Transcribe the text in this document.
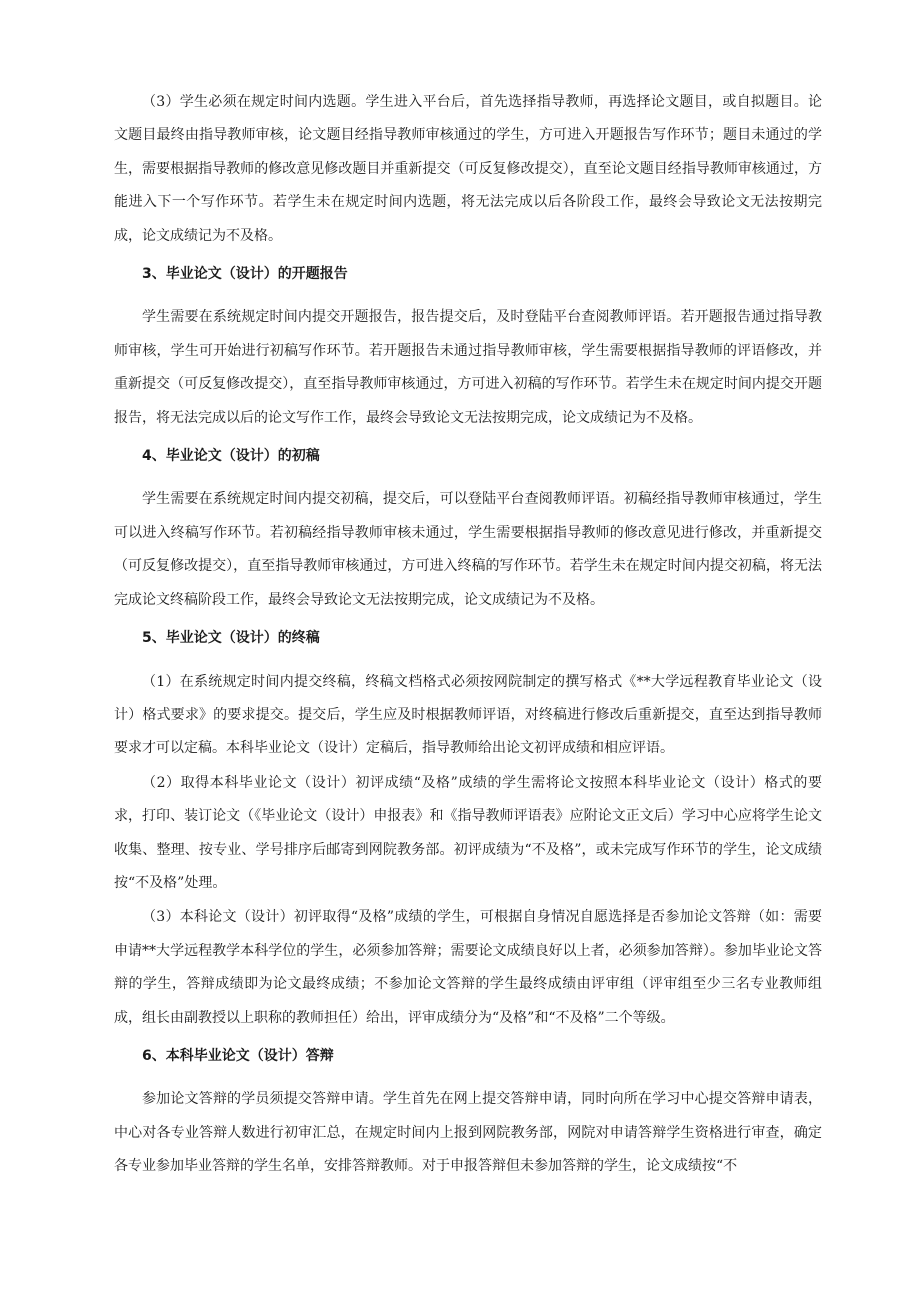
（3）学生必须在规定时间内选题。学生进入平台后，首先选择指导教师，再选择论文题目，或自拟题目。论文题目最终由指导教师审核，论文题目经指导教师审核通过的学生，方可进入开题报告写作环节；题目未通过的学生，需要根据指导教师的修改意见修改题目并重新提交（可反复修改提交），直至论文题目经指导教师审核通过，方能进入下一个写作环节。若学生未在规定时间内选题，将无法完成以后各阶段工作，最终会导致论文无法按期完成，论文成绩记为不及格。

3、毕业论文（设计）的开题报告

学生需要在系统规定时间内提交开题报告，报告提交后，及时登陆平台查阅教师评语。若开题报告通过指导教师审核，学生可开始进行初稿写作环节。若开题报告未通过指导教师审核，学生需要根据指导教师的评语修改，并重新提交（可反复修改提交），直至指导教师审核通过，方可进入初稿的写作环节。若学生未在规定时间内提交开题报告，将无法完成以后的论文写作工作，最终会导致论文无法按期完成，论文成绩记为不及格。

4、毕业论文（设计）的初稿

学生需要在系统规定时间内提交初稿，提交后，可以登陆平台查阅教师评语。初稿经指导教师审核通过，学生可以进入终稿写作环节。若初稿经指导教师审核未通过，学生需要根据指导教师的修改意见进行修改，并重新提交（可反复修改提交），直至指导教师审核通过，方可进入终稿的写作环节。若学生未在规定时间内提交初稿，将无法完成论文终稿阶段工作，最终会导致论文无法按期完成，论文成绩记为不及格。

5、毕业论文（设计）的终稿

（1）在系统规定时间内提交终稿，终稿文档格式必须按网院制定的撰写格式《**大学远程教育毕业论文（设计）格式要求》的要求提交。提交后，学生应及时根据教师评语，对终稿进行修改后重新提交，直至达到指导教师要求才可以定稿。本科毕业论文（设计）定稿后，指导教师给出论文初评成绩和相应评语。

（2）取得本科毕业论文（设计）初评成绩“及格”成绩的学生需将论文按照本科毕业论文（设计）格式的要求，打印、装订论文（《毕业论文（设计）申报表》和《指导教师评语表》应附论文正文后）学习中心应将学生论文收集、整理、按专业、学号排序后邮寄到网院教务部。初评成绩为“不及格”，或未完成写作环节的学生，论文成绩按“不及格”处理。

（3）本科论文（设计）初评取得“及格”成绩的学生，可根据自身情况自愿选择是否参加论文答辩（如：需要申请**大学远程教学本科学位的学生，必须参加答辩；需要论文成绩良好以上者，必须参加答辩）。参加毕业论文答辩的学生，答辩成绩即为论文最终成绩；不参加论文答辩的学生最终成绩由评审组（评审组至少三名专业教师组成，组长由副教授以上职称的教师担任）给出，评审成绩分为“及格”和“不及格”二个等级。

6、本科毕业论文（设计）答辩

参加论文答辩的学员须提交答辩申请。学生首先在网上提交答辩申请，同时向所在学习中心提交答辩申请表，中心对各专业答辩人数进行初审汇总，在规定时间内上报到网院教务部，网院对申请答辩学生资格进行审查，确定各专业参加毕业答辩的学生名单，安排答辩教师。对于申报答辩但未参加答辩的学生，论文成绩按“不
